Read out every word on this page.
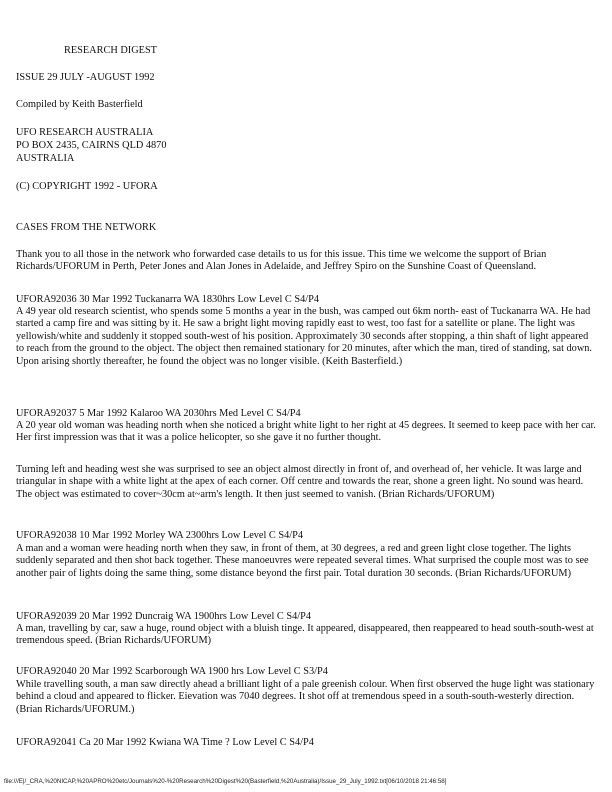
RESEARCH DIGEST
ISSUE 29 JULY -AUGUST 1992
Compiled by Keith Basterfield
UFO RESEARCH AUSTRALIA
PO BOX 2435, CAIRNS QLD 4870
AUSTRALIA
(C) COPYRIGHT 1992 - UFORA
CASES FROM THE NETWORK
Thank you to all those in the network who forwarded case details to us for this issue. This time we welcome the support of Brian Richards/UFORUM in Perth, Peter Jones and Alan Jones in Adelaide, and Jeffrey Spiro on the Sunshine Coast of Queensland.
UFORA92036 30 Mar 1992 Tuckanarra WA 1830hrs Low Level C S4/P4
A 49 year old research scientist, who spends some 5 months a year in the bush, was camped out 6km north- east of Tuckanarra WA. He had started a camp fire and was sitting by it. He saw a bright light moving rapidly east to west, too fast for a satellite or plane. The light was yellowish/white and suddenly it stopped south-west of his position. Approximately 30 seconds after stopping, a thin shaft of light appeared to reach from the ground to the object. The object then remained stationary for 20 minutes, after which the man, tired of standing, sat down. Upon arising shortly thereafter, he found the object was no longer visible. (Keith Basterfield.)
UFORA92037 5 Mar 1992 Kalaroo WA 2030hrs Med Level C S4/P4
A 20 year old woman was heading north when she noticed a bright white light to her right at 45 degrees. It seemed to keep pace with her car. Her first impression was that it was a police helicopter, so she gave it no further thought.
Turning left and heading west she was surprised to see an object almost directly in front of, and overhead of, her vehicle. It was large and triangular in shape with a white light at the apex of each corner. Off centre and towards the rear, shone a green light. No sound was heard. The object was estimated to cover~30cm at~arm's length. It then just seemed to vanish. (Brian Richards/UFORUM)
UFORA92038 10 Mar 1992 Morley WA 2300hrs Low Level C S4/P4
A man and a woman were heading north when they saw, in front of them, at 30 degrees, a red and green light close together. The lights suddenly separated and then shot back together. These manoeuvres were repeated several times. What surprised the couple most was to see another pair of lights doing the same thing, some distance beyond the first pair. Total duration 30 seconds. (Brian Richards/UFORUM)
UFORA92039 20 Mar 1992 Duncraig WA 1900hrs Low Level C S4/P4
A man, travelling by car, saw a huge, round object with a bluish tinge. It appeared, disappeared, then reappeared to head south-south-west at tremendous speed. (Brian Richards/UFORUM)
UFORA92040 20 Mar 1992 Scarborough WA 1900 hrs Low Level C S3/P4
While travelling south, a man saw directly ahead a brilliant light of a pale greenish colour. When first observed the huge light was stationary behind a cloud and appeared to flicker. Eievation was 7040 degrees. It shot off at tremendous speed in a south-south-westerly direction. (Brian Richards/UFORUM.)
UFORA92041 Ca 20 Mar 1992 Kwiana WA Time ? Low Level C S4/P4
file:///E|/_CRA,%20NICAP,%20APRO%20etc/Journals%20-%20Research%20Digest%20(Basterfield,%20Australia)/Issue_29_July_1992.txt[06/10/2018 21:46:58]
